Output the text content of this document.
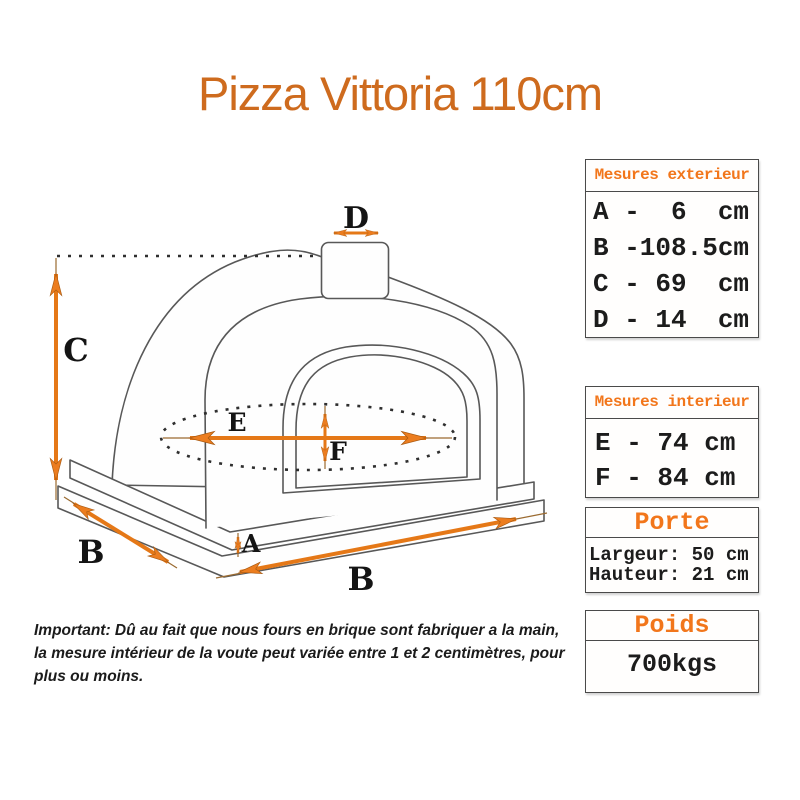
Pizza Vittoria 110cm
C
D
E
F
A
B
B
Mesures exterieur
A -  6  cm
B -108.5cm
C - 69  cm
D - 14  cm
Mesures interieur
E - 74 cm
F - 84 cm
Porte
Largeur: 50 cm
Hauteur: 21 cm
Poids
700kgs
Important: Dû au fait que nous fours en brique sont fabriquer a la main,
la mesure intérieur de la voute peut variée entre 1 et 2 centimètres, pour plus ou moins.
